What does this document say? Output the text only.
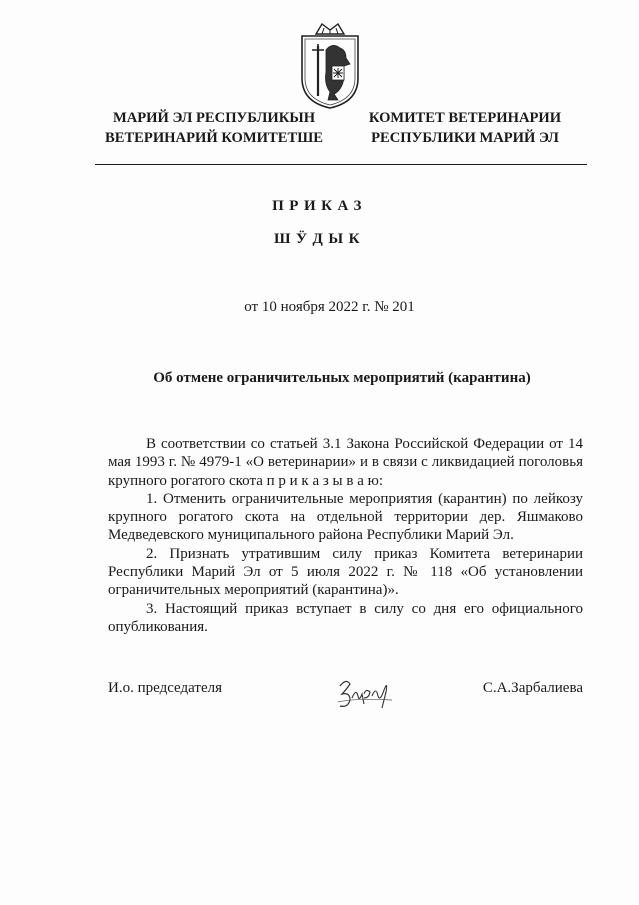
МАРИЙ ЭЛ РЕСПУБЛИКЫН
ВЕТЕРИНАРИЙ КОМИТЕТШЕ
КОМИТЕТ ВЕТЕРИНАРИИ
РЕСПУБЛИКИ МАРИЙ ЭЛ
ПРИКАЗ
ШӰДЫК
от 10 ноября 2022 г. № 201
Об отмене ограничительных мероприятий (карантина)

В соответствии со статьей 3.1 Закона Российской Федерации от 14 мая 1993 г. № 4979-1 «О ветеринарии» и в связи с ликвидацией поголовья крупного рогатого скота п р и к а з ы в а ю:

1. Отменить ограничительные мероприятия (карантин) по лейкозу крупного рогатого скота на отдельной территории дер. Яшмаково Медведевского муниципального района Республики Марий Эл.

2. Признать утратившим силу приказ Комитета ветеринарии Республики Марий Эл от 5 июля 2022 г. № 118 «Об установлении ограничительных мероприятий (карантина)».

3. Настоящий приказ вступает в силу со дня его официального опубликования.

И.о. председателя	С.А.Зарбалиева
